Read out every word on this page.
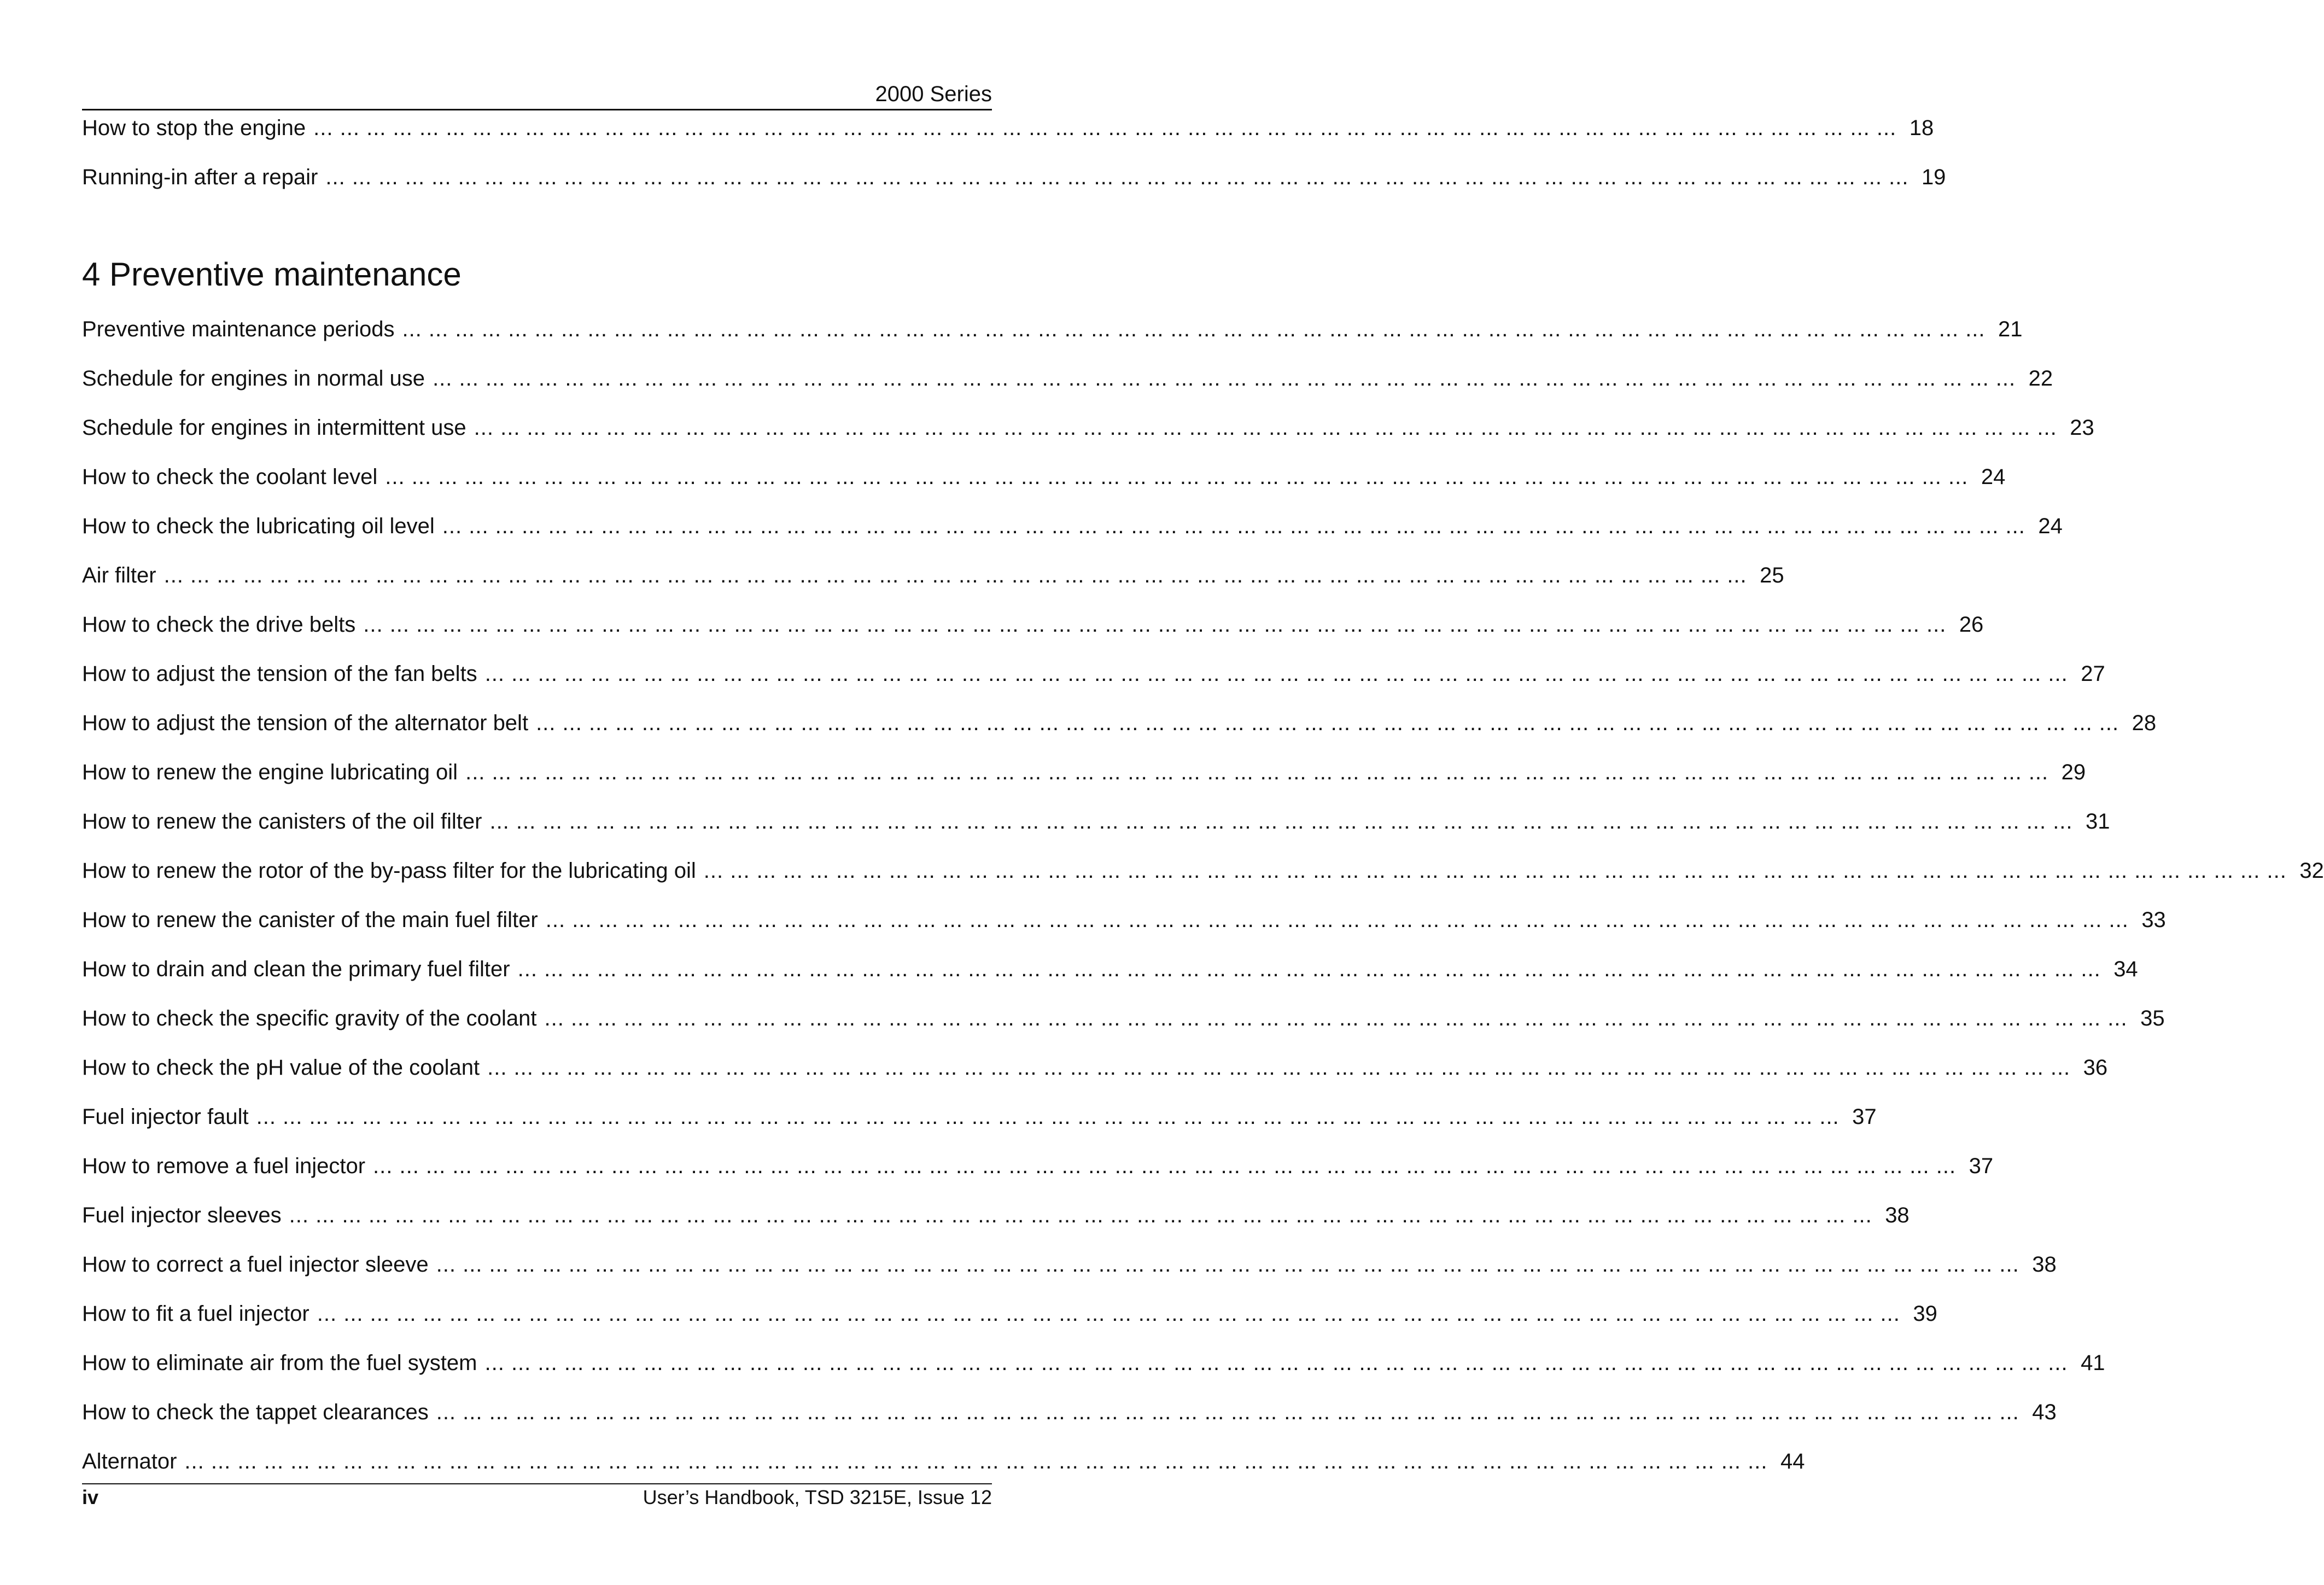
2000 Series
How to stop the engine ... ... ... ... ... ... ... ... ... ... ... ... ... ... ... ... ... ... ... ... ... ... ... ... ... ... ... ... ... ... ... ... ... ... ... ... ... ... ... ... ... ... ... ... ... ... ... ... ... ... ... ... ... ... ... ... ... ... ... ... 18
Running-in after a repair ... ... ... ... ... ... ... ... ... ... ... ... ... ... ... ... ... ... ... ... ... ... ... ... ... ... ... ... ... ... ... ... ... ... ... ... ... ... ... ... ... ... ... ... ... ... ... ... ... ... ... ... ... ... ... ... ... ... ... ... 19
4 Preventive maintenance
Preventive maintenance periods ... ... ... ... ... ... ... ... ... ... ... ... ... ... ... ... ... ... ... ... ... ... ... ... ... ... ... ... ... ... ... ... ... ... ... ... ... ... ... ... ... ... ... ... ... ... ... ... ... ... ... ... ... ... ... ... ... ... ... ... 21
Schedule for engines in normal use ... ... ... ... ... ... ... ... ... ... ... ... ... ... ... ... ... ... ... ... ... ... ... ... ... ... ... ... ... ... ... ... ... ... ... ... ... ... ... ... ... ... ... ... ... ... ... ... ... ... ... ... ... ... ... ... ... ... ... ... 22
Schedule for engines in intermittent use ... ... ... ... ... ... ... ... ... ... ... ... ... ... ... ... ... ... ... ... ... ... ... ... ... ... ... ... ... ... ... ... ... ... ... ... ... ... ... ... ... ... ... ... ... ... ... ... ... ... ... ... ... ... ... ... ... ... ... ... 23
How to check the coolant level ... ... ... ... ... ... ... ... ... ... ... ... ... ... ... ... ... ... ... ... ... ... ... ... ... ... ... ... ... ... ... ... ... ... ... ... ... ... ... ... ... ... ... ... ... ... ... ... ... ... ... ... ... ... ... ... ... ... ... ... 24
How to check the lubricating oil level ... ... ... ... ... ... ... ... ... ... ... ... ... ... ... ... ... ... ... ... ... ... ... ... ... ... ... ... ... ... ... ... ... ... ... ... ... ... ... ... ... ... ... ... ... ... ... ... ... ... ... ... ... ... ... ... ... ... ... ... 24
Air filter ... ... ... ... ... ... ... ... ... ... ... ... ... ... ... ... ... ... ... ... ... ... ... ... ... ... ... ... ... ... ... ... ... ... ... ... ... ... ... ... ... ... ... ... ... ... ... ... ... ... ... ... ... ... ... ... ... ... ... ... 25
How to check the drive belts ... ... ... ... ... ... ... ... ... ... ... ... ... ... ... ... ... ... ... ... ... ... ... ... ... ... ... ... ... ... ... ... ... ... ... ... ... ... ... ... ... ... ... ... ... ... ... ... ... ... ... ... ... ... ... ... ... ... ... ... 26
How to adjust the tension of the fan belts ... ... ... ... ... ... ... ... ... ... ... ... ... ... ... ... ... ... ... ... ... ... ... ... ... ... ... ... ... ... ... ... ... ... ... ... ... ... ... ... ... ... ... ... ... ... ... ... ... ... ... ... ... ... ... ... ... ... ... ... 27
How to adjust the tension of the alternator belt ... ... ... ... ... ... ... ... ... ... ... ... ... ... ... ... ... ... ... ... ... ... ... ... ... ... ... ... ... ... ... ... ... ... ... ... ... ... ... ... ... ... ... ... ... ... ... ... ... ... ... ... ... ... ... ... ... ... ... ... 28
How to renew the engine lubricating oil ... ... ... ... ... ... ... ... ... ... ... ... ... ... ... ... ... ... ... ... ... ... ... ... ... ... ... ... ... ... ... ... ... ... ... ... ... ... ... ... ... ... ... ... ... ... ... ... ... ... ... ... ... ... ... ... ... ... ... ... 29
How to renew the canisters of the oil filter ... ... ... ... ... ... ... ... ... ... ... ... ... ... ... ... ... ... ... ... ... ... ... ... ... ... ... ... ... ... ... ... ... ... ... ... ... ... ... ... ... ... ... ... ... ... ... ... ... ... ... ... ... ... ... ... ... ... ... ... 31
How to renew the rotor of the by-pass filter for the lubricating oil ... ... ... ... ... ... ... ... ... ... ... ... ... ... ... ... ... ... ... ... ... ... ... ... ... ... ... ... ... ... ... ... ... ... ... ... ... ... ... ... ... ... ... ... ... ... ... ... ... ... ... ... ... ... ... ... ... ... ... ... 32
How to renew the canister of the main fuel filter ... ... ... ... ... ... ... ... ... ... ... ... ... ... ... ... ... ... ... ... ... ... ... ... ... ... ... ... ... ... ... ... ... ... ... ... ... ... ... ... ... ... ... ... ... ... ... ... ... ... ... ... ... ... ... ... ... ... ... ... 33
How to drain and clean the primary fuel filter ... ... ... ... ... ... ... ... ... ... ... ... ... ... ... ... ... ... ... ... ... ... ... ... ... ... ... ... ... ... ... ... ... ... ... ... ... ... ... ... ... ... ... ... ... ... ... ... ... ... ... ... ... ... ... ... ... ... ... ... 34
How to check the specific gravity of the coolant ... ... ... ... ... ... ... ... ... ... ... ... ... ... ... ... ... ... ... ... ... ... ... ... ... ... ... ... ... ... ... ... ... ... ... ... ... ... ... ... ... ... ... ... ... ... ... ... ... ... ... ... ... ... ... ... ... ... ... ... 35
How to check the pH value of the coolant ... ... ... ... ... ... ... ... ... ... ... ... ... ... ... ... ... ... ... ... ... ... ... ... ... ... ... ... ... ... ... ... ... ... ... ... ... ... ... ... ... ... ... ... ... ... ... ... ... ... ... ... ... ... ... ... ... ... ... ... 36
Fuel injector fault ... ... ... ... ... ... ... ... ... ... ... ... ... ... ... ... ... ... ... ... ... ... ... ... ... ... ... ... ... ... ... ... ... ... ... ... ... ... ... ... ... ... ... ... ... ... ... ... ... ... ... ... ... ... ... ... ... ... ... ... 37
How to remove a fuel injector ... ... ... ... ... ... ... ... ... ... ... ... ... ... ... ... ... ... ... ... ... ... ... ... ... ... ... ... ... ... ... ... ... ... ... ... ... ... ... ... ... ... ... ... ... ... ... ... ... ... ... ... ... ... ... ... ... ... ... ... 37
Fuel injector sleeves ... ... ... ... ... ... ... ... ... ... ... ... ... ... ... ... ... ... ... ... ... ... ... ... ... ... ... ... ... ... ... ... ... ... ... ... ... ... ... ... ... ... ... ... ... ... ... ... ... ... ... ... ... ... ... ... ... ... ... ... 38
How to correct a fuel injector sleeve ... ... ... ... ... ... ... ... ... ... ... ... ... ... ... ... ... ... ... ... ... ... ... ... ... ... ... ... ... ... ... ... ... ... ... ... ... ... ... ... ... ... ... ... ... ... ... ... ... ... ... ... ... ... ... ... ... ... ... ... 38
How to fit a fuel injector ... ... ... ... ... ... ... ... ... ... ... ... ... ... ... ... ... ... ... ... ... ... ... ... ... ... ... ... ... ... ... ... ... ... ... ... ... ... ... ... ... ... ... ... ... ... ... ... ... ... ... ... ... ... ... ... ... ... ... ... 39
How to eliminate air from the fuel system ... ... ... ... ... ... ... ... ... ... ... ... ... ... ... ... ... ... ... ... ... ... ... ... ... ... ... ... ... ... ... ... ... ... ... ... ... ... ... ... ... ... ... ... ... ... ... ... ... ... ... ... ... ... ... ... ... ... ... ... 41
How to check the tappet clearances ... ... ... ... ... ... ... ... ... ... ... ... ... ... ... ... ... ... ... ... ... ... ... ... ... ... ... ... ... ... ... ... ... ... ... ... ... ... ... ... ... ... ... ... ... ... ... ... ... ... ... ... ... ... ... ... ... ... ... ... 43
Alternator ... ... ... ... ... ... ... ... ... ... ... ... ... ... ... ... ... ... ... ... ... ... ... ... ... ... ... ... ... ... ... ... ... ... ... ... ... ... ... ... ... ... ... ... ... ... ... ... ... ... ... ... ... ... ... ... ... ... ... ... 44
iv	User’s Handbook, TSD 3215E, Issue 12
